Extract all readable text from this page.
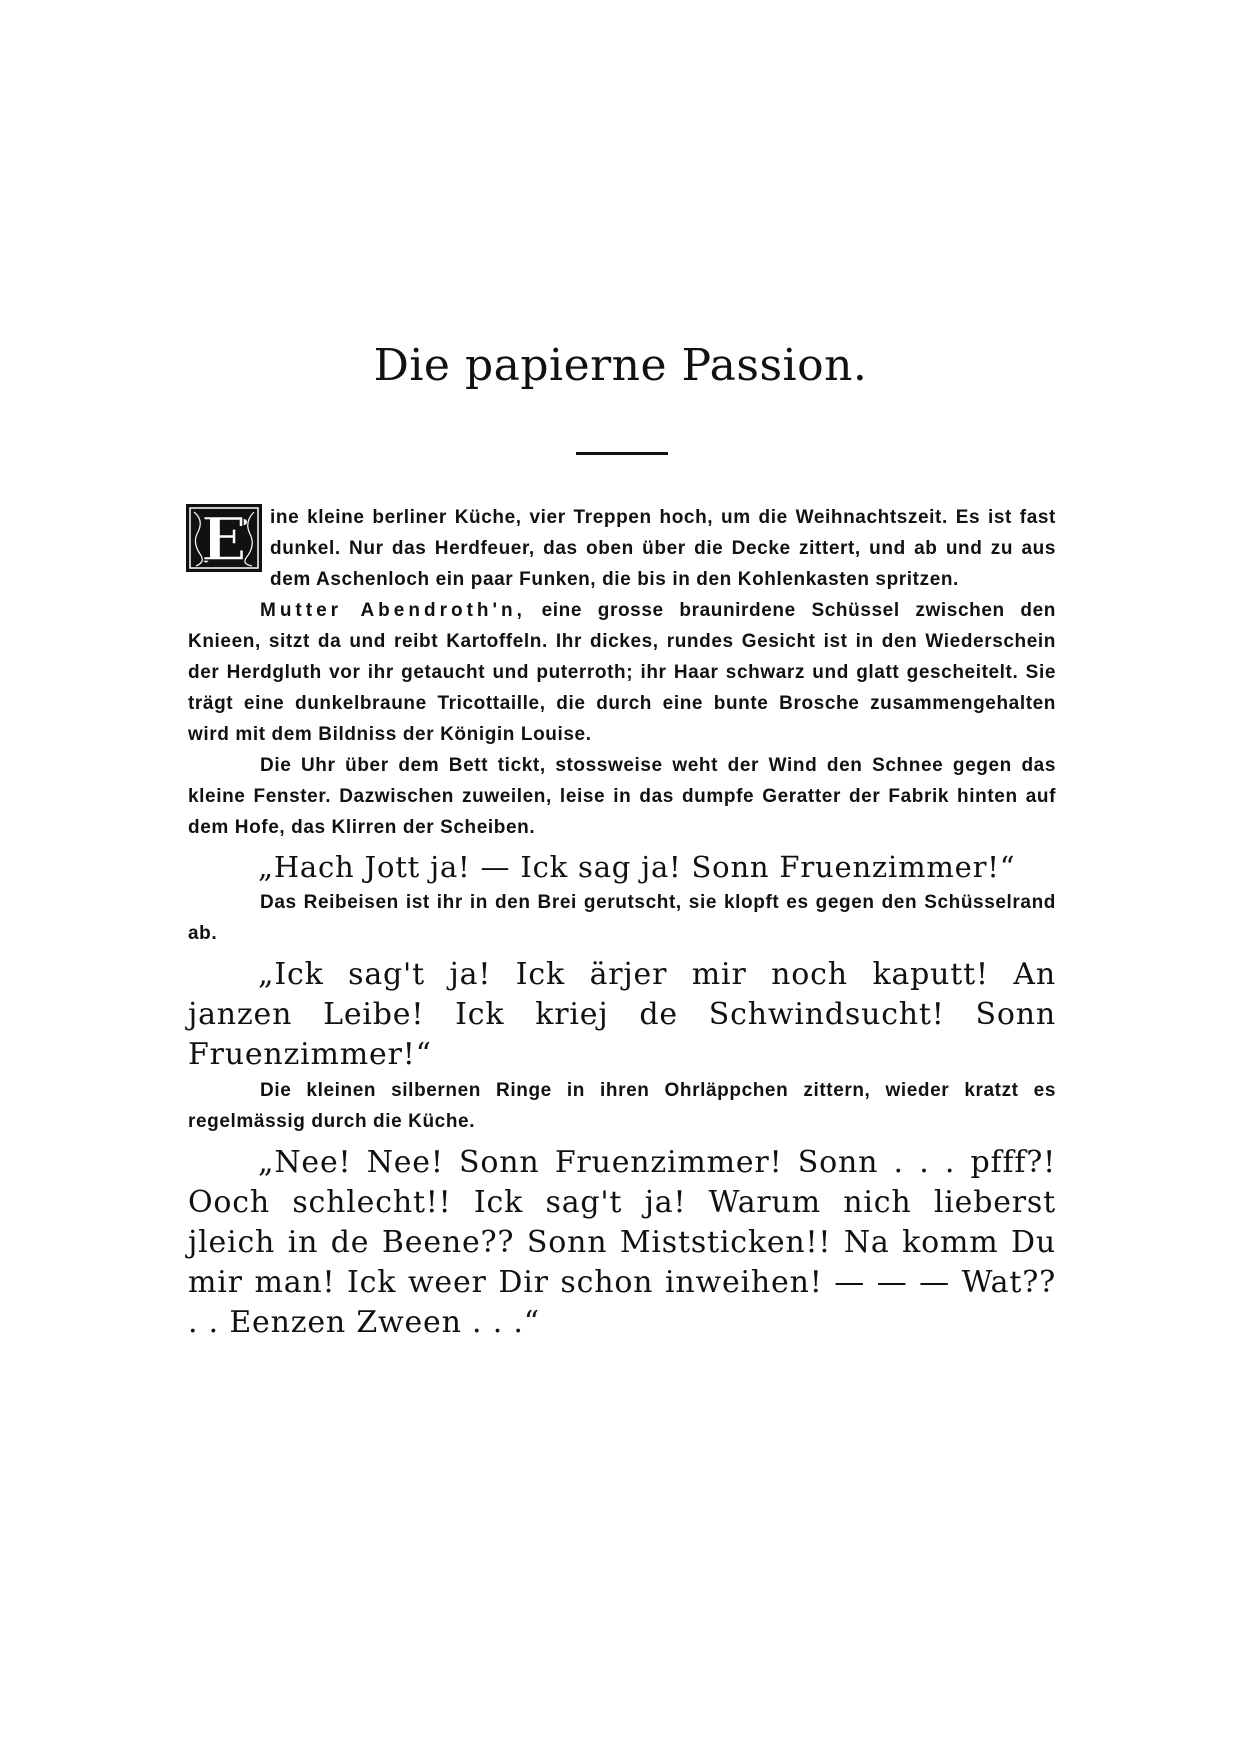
Die papierne Passion.

E ine kleine berliner Küche, vier Treppen hoch, um die Weihnachtszeit. Es ist fast dunkel. Nur das Herdfeuer, das oben über die Decke zittert, und ab und zu aus dem Aschenloch ein paar Funken, die bis in den Kohlenkasten spritzen.

Mutter Abendroth'n, eine grosse braunirdene Schüssel zwischen den Knieen, sitzt da und reibt Kartoffeln. Ihr dickes, rundes Gesicht ist in den Wiederschein der Herdgluth vor ihr getaucht und puterroth; ihr Haar schwarz und glatt gescheitelt. Sie trägt eine dunkelbraune Tricottaille, die durch eine bunte Brosche zusammengehalten wird mit dem Bildniss der Königin Louise.

Die Uhr über dem Bett tickt, stossweise weht der Wind den Schnee gegen das kleine Fenster. Dazwischen zuweilen, leise in das dumpfe Geratter der Fabrik hinten auf dem Hofe, das Klirren der Scheiben.

„Hach Jott ja! — Ick sag ja! Sonn Fruenzimmer!“

Das Reibeisen ist ihr in den Brei gerutscht, sie klopft es gegen den Schüsselrand ab.

„Ick sag't ja! Ick ärjer mir noch kaputt! An janzen Leibe! Ick kriej de Schwindsucht! Sonn Fruenzimmer!“

Die kleinen silbernen Ringe in ihren Ohrläppchen zittern, wieder kratzt es regelmässig durch die Küche.

„Nee! Nee! Sonn Fruenzimmer! Sonn . . . pfff?! Ooch schlecht!! Ick sag't ja! Warum nich lieberst jleich in de Beene?? Sonn Miststicken!! Na komm Du mir man! Ick weer Dir schon inweihen! — — — Wat?? . . Eenzen Zween . . .“
